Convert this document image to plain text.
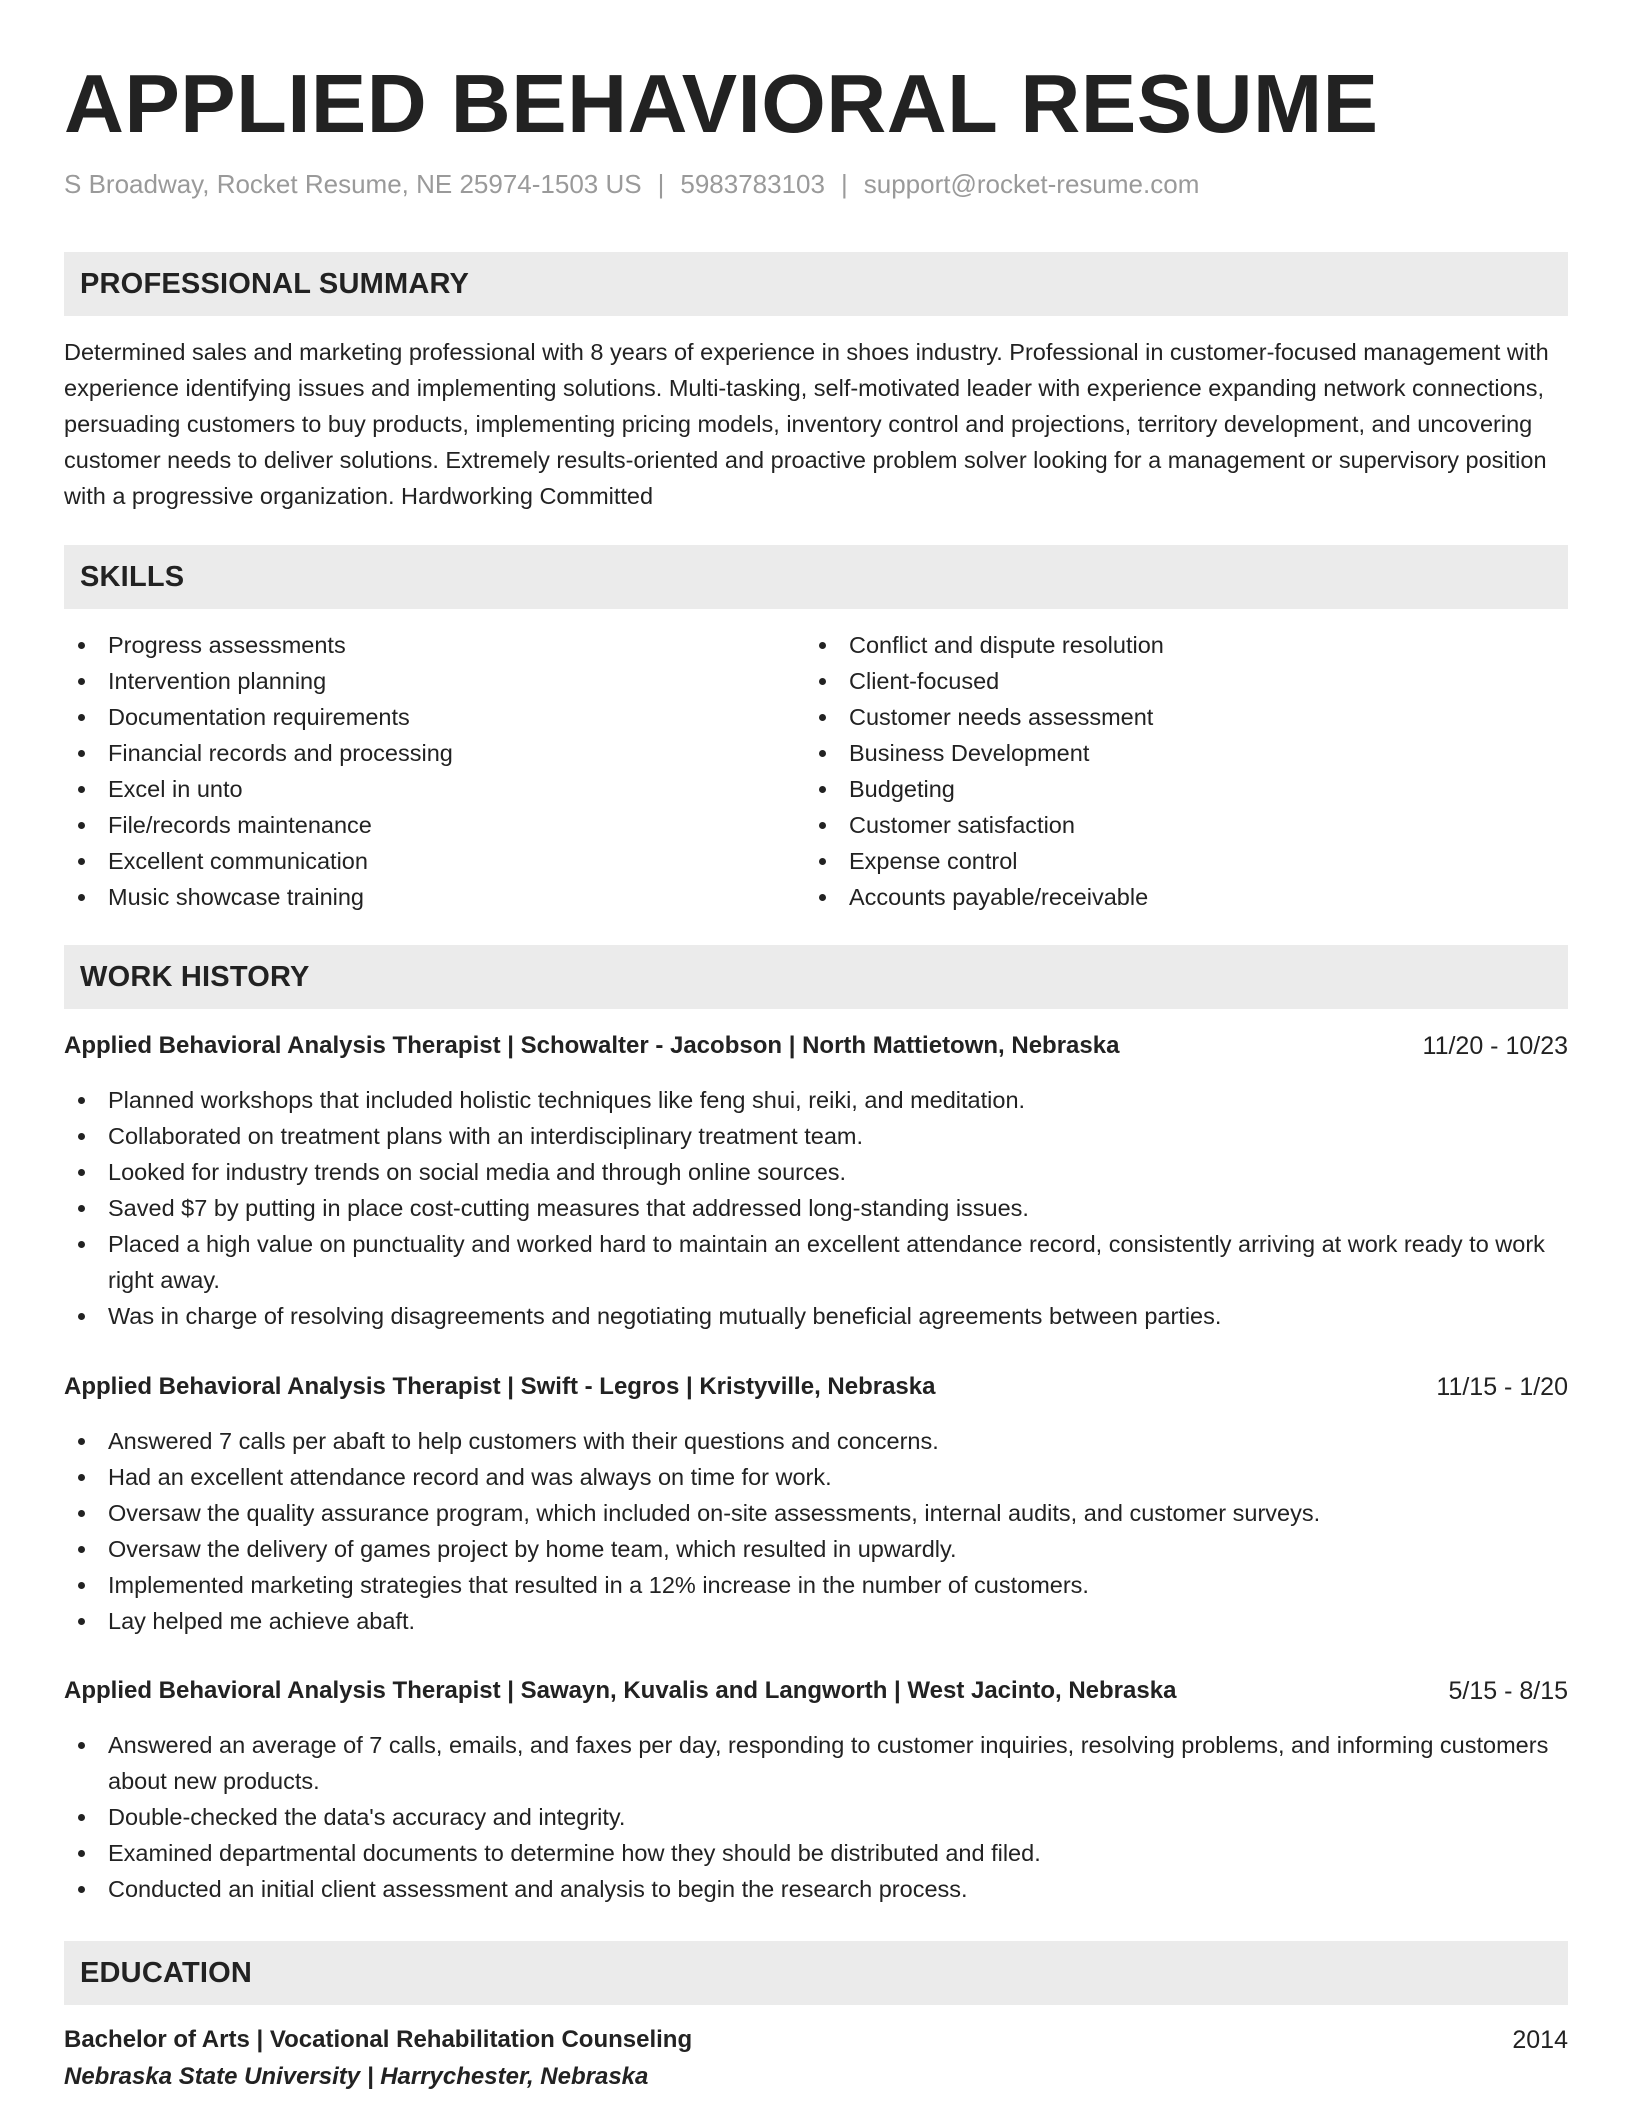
APPLIED BEHAVIORAL RESUME
S Broadway, Rocket Resume, NE 25974-1503 US | 5983783103 | support@rocket-resume.com
PROFESSIONAL SUMMARY

Determined sales and marketing professional with 8 years of experience in shoes industry. Professional in customer-focused management with experience identifying issues and implementing solutions. Multi-tasking, self-motivated leader with experience expanding network connections, persuading customers to buy products, implementing pricing models, inventory control and projections, territory development, and uncovering customer needs to deliver solutions. Extremely results-oriented and proactive problem solver looking for a management or supervisory position with a progressive organization. Hardworking Committed

SKILLS
Progress assessments
Intervention planning
Documentation requirements
Financial records and processing
Excel in unto
File/records maintenance
Excellent communication
Music showcase training
Conflict and dispute resolution
Client-focused
Customer needs assessment
Business Development
Budgeting
Customer satisfaction
Expense control
Accounts payable/receivable
WORK HISTORY
Applied Behavioral Analysis Therapist | Schowalter - Jacobson | North Mattietown, Nebraska	11/20 - 10/23
Planned workshops that included holistic techniques like feng shui, reiki, and meditation.
Collaborated on treatment plans with an interdisciplinary treatment team.
Looked for industry trends on social media and through online sources.
Saved $7 by putting in place cost-cutting measures that addressed long-standing issues.
Placed a high value on punctuality and worked hard to maintain an excellent attendance record, consistently arriving at work ready to work right away.
Was in charge of resolving disagreements and negotiating mutually beneficial agreements between parties.
Applied Behavioral Analysis Therapist | Swift - Legros | Kristyville, Nebraska	11/15 - 1/20
Answered 7 calls per abaft to help customers with their questions and concerns.
Had an excellent attendance record and was always on time for work.
Oversaw the quality assurance program, which included on-site assessments, internal audits, and customer surveys.
Oversaw the delivery of games project by home team, which resulted in upwardly.
Implemented marketing strategies that resulted in a 12% increase in the number of customers.
Lay helped me achieve abaft.
Applied Behavioral Analysis Therapist | Sawayn, Kuvalis and Langworth | West Jacinto, Nebraska	5/15 - 8/15
Answered an average of 7 calls, emails, and faxes per day, responding to customer inquiries, resolving problems, and informing customers about new products.
Double-checked the data's accuracy and integrity.
Examined departmental documents to determine how they should be distributed and filed.
Conducted an initial client assessment and analysis to begin the research process.
EDUCATION
Bachelor of Arts | Vocational Rehabilitation Counseling	2014
Nebraska State University | Harrychester, Nebraska
